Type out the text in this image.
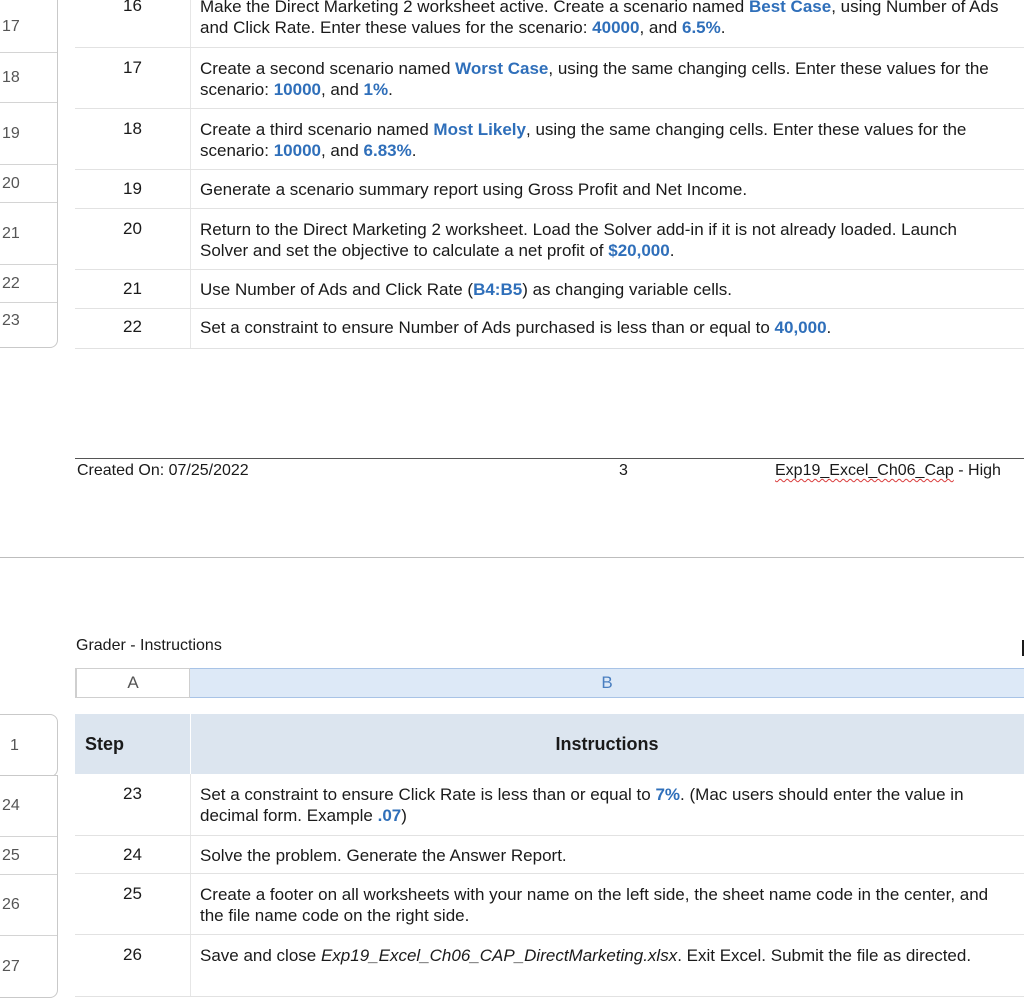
17
18
19
20
21
22
23
16	Make the Direct Marketing 2 worksheet active. Create a scenario named Best Case, using Number of Ads and Click Rate. Enter these values for the scenario: 40000, and 6.5%.
17	Create a second scenario named Worst Case, using the same changing cells. Enter these values for the scenario: 10000, and 1%.
18	Create a third scenario named Most Likely, using the same changing cells. Enter these values for the scenario: 10000, and 6.83%.
19	Generate a scenario summary report using Gross Profit and Net Income.
20	Return to the Direct Marketing 2 worksheet. Load the Solver add-in if it is not already loaded. Launch Solver and set the objective to calculate a net profit of $20,000.
21	Use Number of Ads and Click Rate (B4:B5) as changing variable cells.
22	Set a constraint to ensure Number of Ads purchased is less than or equal to 40,000.
Created On: 07/25/2022	3	Exp19_Excel_Ch06_Cap - High
Grader - Instructions
A	B
1	Step	Instructions
24
25
26
27
23	Set a constraint to ensure Click Rate is less than or equal to 7%. (Mac users should enter the value in decimal form. Example .07)
24	Solve the problem. Generate the Answer Report.
25	Create a footer on all worksheets with your name on the left side, the sheet name code in the center, and the file name code on the right side.
26	Save and close Exp19_Excel_Ch06_CAP_DirectMarketing.xlsx. Exit Excel. Submit the file as directed.
